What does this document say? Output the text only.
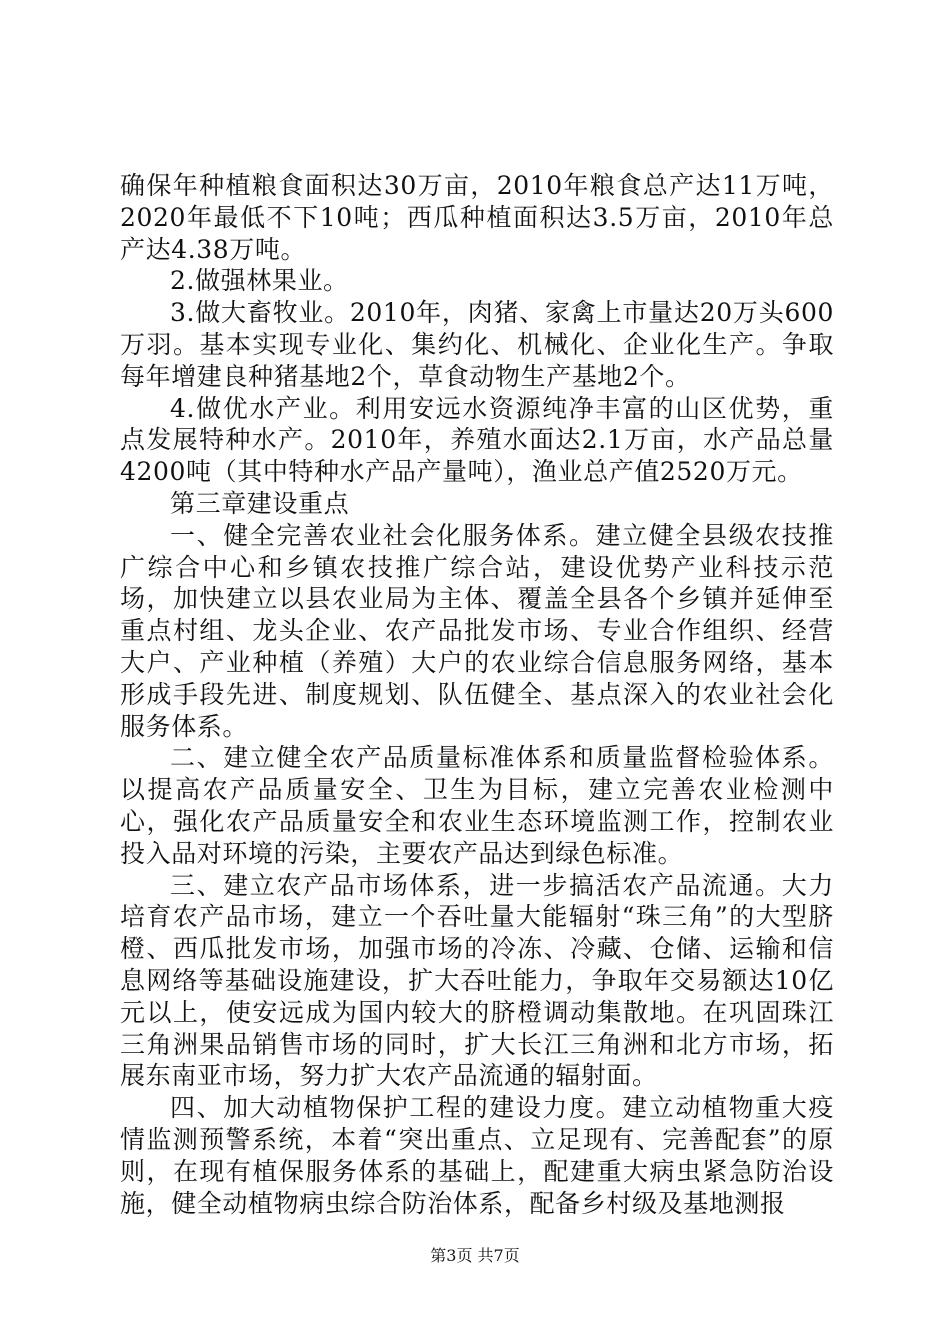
确保年种植粮食面积达30万亩，2010年粮食总产达11万吨，2020年最低不下10吨；西瓜种植面积达3.5万亩，2010年总产达4.38万吨。

2.做强林果业。

3.做大畜牧业。2010年，肉猪、家禽上市量达20万头600万羽。基本实现专业化、集约化、机械化、企业化生产。争取每年增建良种猪基地2个，草食动物生产基地2个。

4.做优水产业。利用安远水资源纯净丰富的山区优势，重点发展特种水产。2010年，养殖水面达2.1万亩，水产品总量4200吨（其中特种水产品产量吨），渔业总产值2520万元。

第三章建设重点

一、健全完善农业社会化服务体系。建立健全县级农技推广综合中心和乡镇农技推广综合站，建设优势产业科技示范场，加快建立以县农业局为主体、覆盖全县各个乡镇并延伸至重点村组、龙头企业、农产品批发市场、专业合作组织、经营大户、产业种植（养殖）大户的农业综合信息服务网络，基本形成手段先进、制度规划、队伍健全、基点深入的农业社会化服务体系。

二、建立健全农产品质量标准体系和质量监督检验体系。以提高农产品质量安全、卫生为目标，建立完善农业检测中心，强化农产品质量安全和农业生态环境监测工作，控制农业投入品对环境的污染，主要农产品达到绿色标准。

三、建立农产品市场体系，进一步搞活农产品流通。大力培育农产品市场，建立一个吞吐量大能辐射“珠三角”的大型脐橙、西瓜批发市场，加强市场的冷冻、冷藏、仓储、运输和信息网络等基础设施建设，扩大吞吐能力，争取年交易额达10亿元以上，使安远成为国内较大的脐橙调动集散地。在巩固珠江三角洲果品销售市场的同时，扩大长江三角洲和北方市场，拓展东南亚市场，努力扩大农产品流通的辐射面。

四、加大动植物保护工程的建设力度。建立动植物重大疫情监测预警系统，本着“突出重点、立足现有、完善配套”的原则，在现有植保服务体系的基础上，配建重大病虫紧急防治设施，健全动植物病虫综合防治体系，配备乡村级及基地测报

第3页 共7页
